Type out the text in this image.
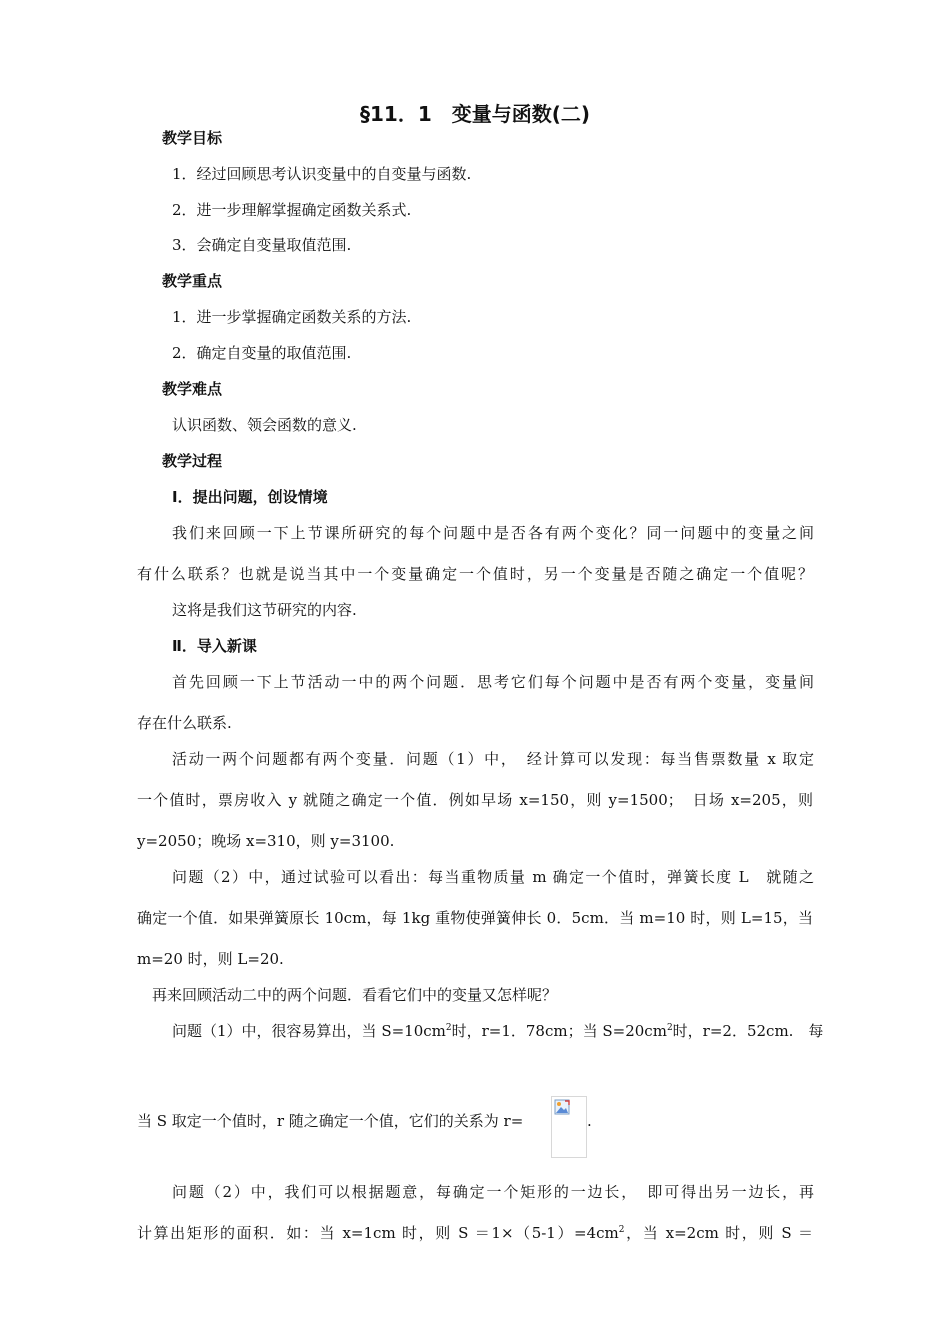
§11．1　变量与函数(二)
教学目标
1．经过回顾思考认识变量中的自变量与函数.
2．进一步理解掌握确定函数关系式.
3．会确定自变量取值范围.
教学重点
1．进一步掌握确定函数关系的方法.
2．确定自变量的取值范围.
教学难点
认识函数、领会函数的意义.
教学过程
Ⅰ．提出问题，创设情境
我们来回顾一下上节课所研究的每个问题中是否各有两个变化？同一问题中的变量之间
有什么联系？也就是说当其中一个变量确定一个值时，另一个变量是否随之确定一个值呢？
这将是我们这节研究的内容.
Ⅱ．导入新课
首先回顾一下上节活动一中的两个问题．思考它们每个问题中是否有两个变量，变量间
存在什么联系.
活动一两个问题都有两个变量．问题（1）中，　经计算可以发现：每当售票数量 x 取定
一个值时，票房收入 y 就随之确定一个值．例如早场 x=150，则 y=1500；　日场 x=205，则
y=2050；晚场 x=310，则 y=3100.
问题（2）中，通过试验可以看出：每当重物质量 m 确定一个值时，弹簧长度 L　就随之
确定一个值．如果弹簧原长 10cm，每 1kg 重物使弹簧伸长 0．5cm．当 m=10 时，则 L=15，当
m=20 时，则 L=20.
再来回顾活动二中的两个问题．看看它们中的变量又怎样呢？
问题（1）中，很容易算出，当 $S=10cm^2$时，r=1．78cm；当 $S=20cm^2$时，r=2．52cm.　每
当 S 取定一个值时，r 随之确定一个值，它们的关系为 r=	.
问题（2）中，我们可以根据题意，每确定一个矩形的一边长，　即可得出另一边长，再
计算出矩形的面积．如：当 x=1cm 时，则 $S =1\times(5-1)=4cm^2$，当 x=2cm 时，则 S ＝
